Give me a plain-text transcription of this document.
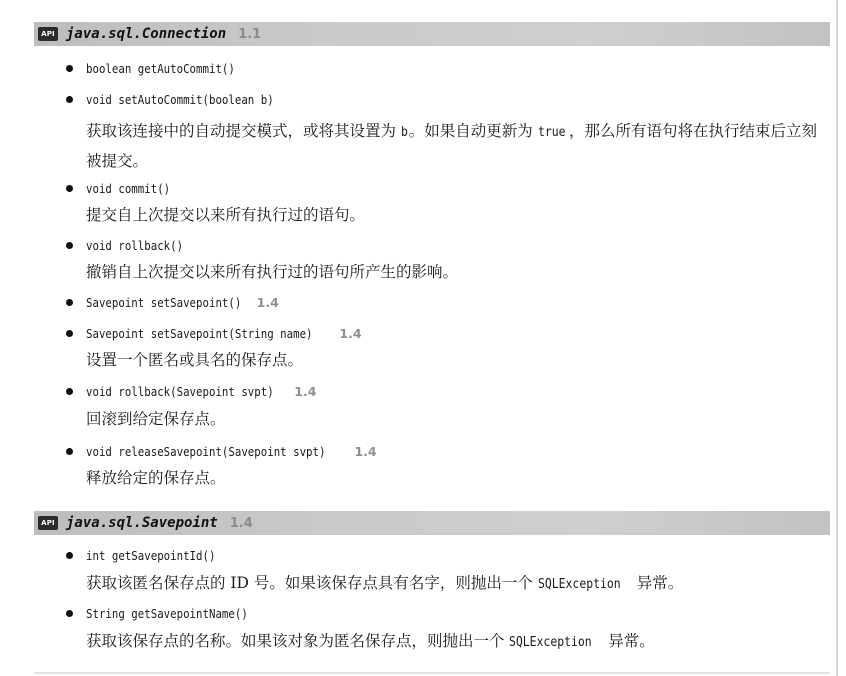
API java.sql.Connection 1.1
boolean getAutoCommit()
void setAutoCommit(boolean b)
获取该连接中的自动提交模式，或将其设置为 b。如果自动更新为 true ，那么所有语句将在执行结束后立刻被提交。
void commit()
提交自上次提交以来所有执行过的语句。
void rollback()
撤销自上次提交以来所有执行过的语句所产生的影响。
Savepoint setSavepoint() 1.4
Savepoint setSavepoint(String name) 1.4
设置一个匿名或具名的保存点。
void rollback(Savepoint svpt) 1.4
回滚到给定保存点。
void releaseSavepoint(Savepoint svpt) 1.4
释放给定的保存点。
API java.sql.Savepoint 1.4
int getSavepointId()
获取该匿名保存点的 ID 号。如果该保存点具有名字，则抛出一个 SQLException 异常。
String getSavepointName()
获取该保存点的名称。如果该对象为匿名保存点，则抛出一个 SQLException 异常。
